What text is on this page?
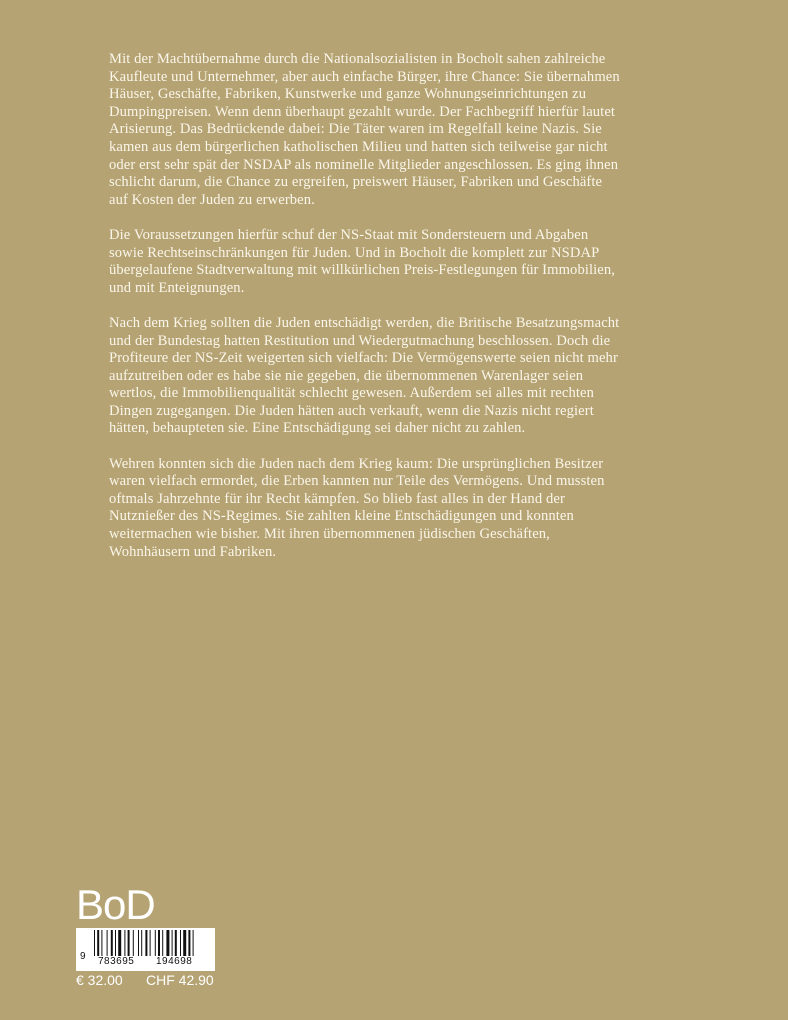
Mit der Machtübernahme durch die Nationalsozialisten in Bocholt sahen zahlreiche
Kaufleute und Unternehmer, aber auch einfache Bürger, ihre Chance: Sie übernahmen
Häuser, Geschäfte, Fabriken, Kunstwerke und ganze Wohnungseinrichtungen zu
Dumpingpreisen. Wenn denn überhaupt gezahlt wurde. Der Fachbegriff hierfür lautet
Arisierung. Das Bedrückende dabei: Die Täter waren im Regelfall keine Nazis. Sie
kamen aus dem bürgerlichen katholischen Milieu und hatten sich teilweise gar nicht
oder erst sehr spät der NSDAP als nominelle Mitglieder angeschlossen. Es ging ihnen
schlicht darum, die Chance zu ergreifen, preiswert Häuser, Fabriken und Geschäfte
auf Kosten der Juden zu erwerben.

Die Voraussetzungen hierfür schuf der NS-Staat mit Sondersteuern und Abgaben
sowie Rechtseinschränkungen für Juden. Und in Bocholt die komplett zur NSDAP
übergelaufene Stadtverwaltung mit willkürlichen Preis-Festlegungen für Immobilien,
und mit Enteignungen.

Nach dem Krieg sollten die Juden entschädigt werden, die Britische Besatzungsmacht
und der Bundestag hatten Restitution und Wiedergutmachung beschlossen. Doch die
Profiteure der NS-Zeit weigerten sich vielfach: Die Vermögenswerte seien nicht mehr
aufzutreiben oder es habe sie nie gegeben, die übernommenen Warenlager seien
wertlos, die Immobilienqualität schlecht gewesen. Außerdem sei alles mit rechten
Dingen zugegangen. Die Juden hätten auch verkauft, wenn die Nazis nicht regiert
hätten, behaupteten sie. Eine Entschädigung sei daher nicht zu zahlen.

Wehren konnten sich die Juden nach dem Krieg kaum: Die ursprünglichen Besitzer
waren vielfach ermordet, die Erben kannten nur Teile des Vermögens. Und mussten
oftmals Jahrzehnte für ihr Recht kämpfen. So blieb fast alles in der Hand der
Nutznießer des NS-Regimes. Sie zahlten kleine Entschädigungen und konnten
weitermachen wie bisher. Mit ihren übernommenen jüdischen Geschäften,
Wohnhäusern und Fabriken.

BoD
9 783695 194698
€ 32.00 CHF 42.90
